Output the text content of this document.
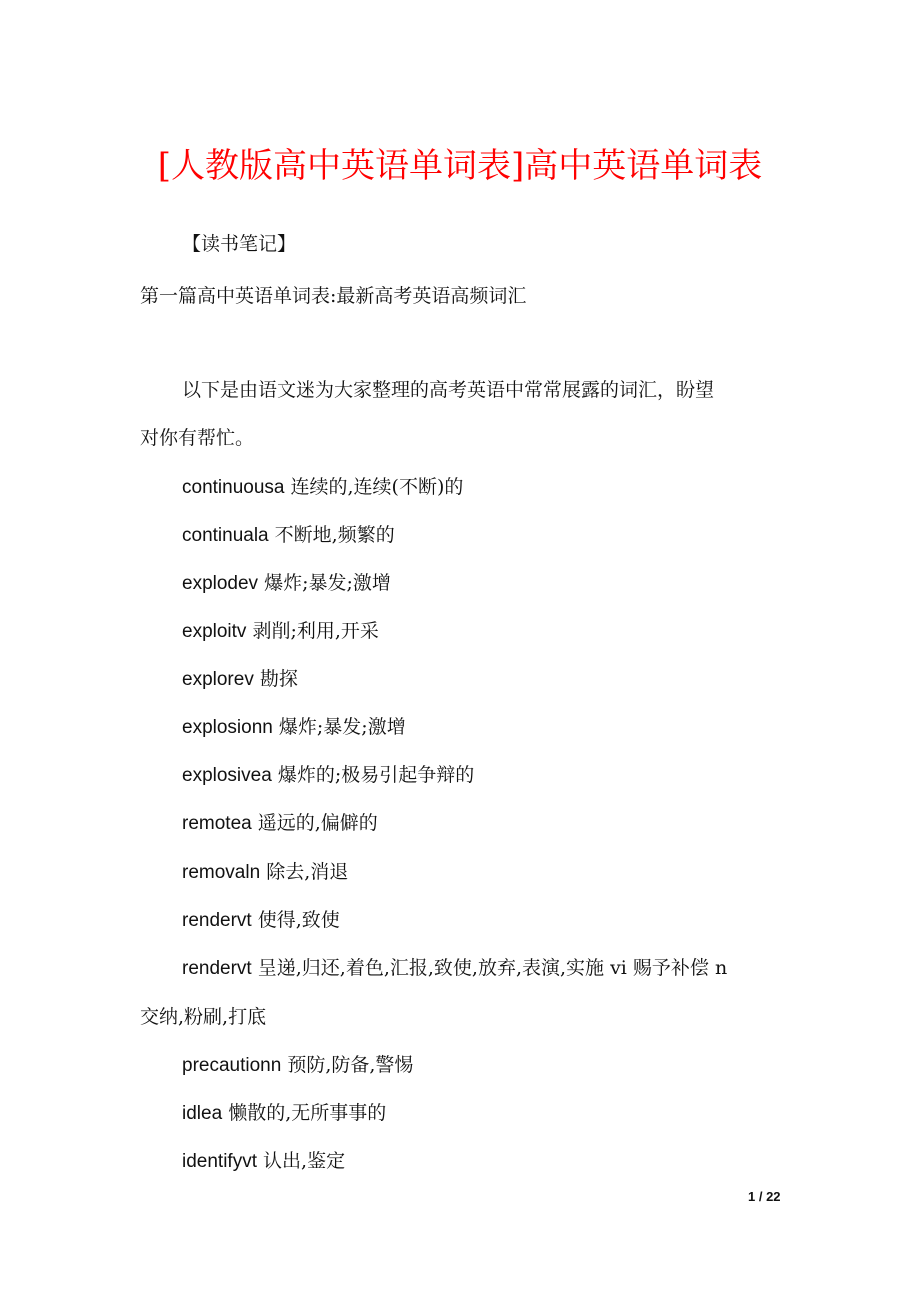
[人教版高中英语单词表]高中英语单词表
【读书笔记】
第一篇高中英语单词表:最新高考英语高频词汇
以下是由语文迷为大家整理的高考英语中常常展露的词汇，盼望
对你有帮忙。
continuousa 连续的,连续(不断)的
continuala 不断地,频繁的
explodev 爆炸;暴发;激增
exploitv 剥削;利用,开采
explorev 勘探
explosionn 爆炸;暴发;激增
explosivea 爆炸的;极易引起争辩的
remotea 遥远的,偏僻的
removaln 除去,消退
rendervt 使得,致使
rendervt 呈递,归还,着色,汇报,致使,放弃,表演,实施 vi 赐予补偿 n
交纳,粉刷,打底
precautionn 预防,防备,警惕
idlea 懒散的,无所事事的
identifyvt 认出,鉴定
1 / 22
